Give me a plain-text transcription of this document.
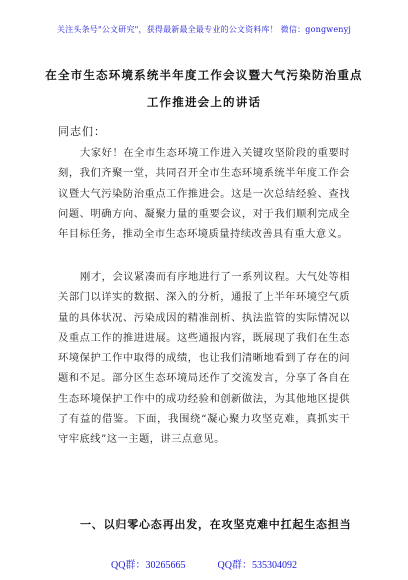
关注头条号"公文研究"，获得最新最全最专业的公文资料库！ 微信：gongwenyj
在全市生态环境系统半年度工作会议暨大气污染防治重点
工作推进会上的讲话
同志们：

大家好！在全市生态环境工作进入关键攻坚阶段的重要时刻，我们齐聚一堂，共同召开全市生态环境系统半年度工作会议暨大气污染防治重点工作推进会。这是一次总结经验、查找问题、明确方向、凝聚力量的重要会议，对于我们顺利完成全年目标任务，推动全市生态环境质量持续改善具有重大意义。

刚才，会议紧凑而有序地进行了一系列议程。大气处等相关部门以详实的数据、深入的分析，通报了上半年环境空气质量的具体状况、污染成因的精准剖析、执法监管的实际情况以及重点工作的推进进展。这些通报内容，既展现了我们在生态环境保护工作中取得的成绩，也让我们清晰地看到了存在的问题和不足。部分区生态环境局还作了交流发言，分享了各自在生态环境保护工作中的成功经验和创新做法，为其他地区提供了有益的借鉴。下面，我围绕“凝心聚力攻坚克难，真抓实干守牢底线”这一主题，讲三点意见。

一、以归零心态再出发，在攻坚克难中扛起生态担当
QQ群：30265665	QQ群：535304092
